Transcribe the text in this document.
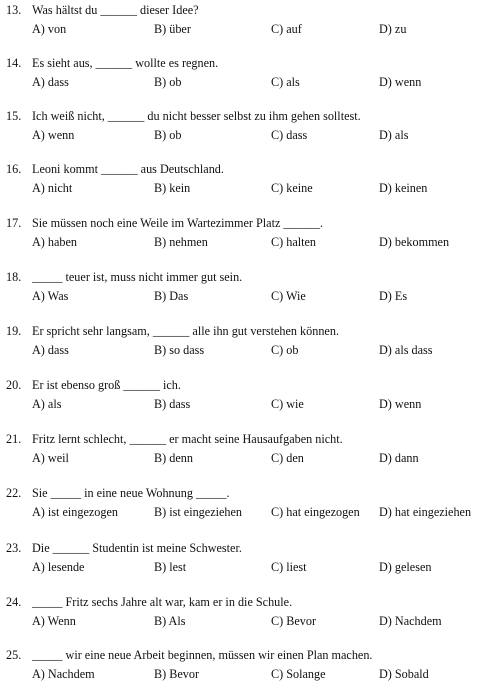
13. Was hältst du ______ dieser Idee?
A) von	B) über	C) auf	D) zu
14. Es sieht aus, ______ wollte es regnen.
A) dass	B) ob	C) als	D) wenn
15. Ich weiß nicht, ______ du nicht besser selbst zu ihm gehen solltest.
A) wenn	B) ob	C) dass	D) als
16. Leoni kommt ______ aus Deutschland.
A) nicht	B) kein	C) keine	D) keinen
17. Sie müssen noch eine Weile im Wartezimmer Platz ______.
A) haben	B) nehmen	C) halten	D) bekommen
18. _____ teuer ist, muss nicht immer gut sein.
A) Was	B) Das	C) Wie	D) Es
19. Er spricht sehr langsam, ______ alle ihn gut verstehen können.
A) dass	B) so dass	C) ob	D) als dass
20. Er ist ebenso groß ______ ich.
A) als	B) dass	C) wie	D) wenn
21. Fritz lernt schlecht, ______ er macht seine Hausaufgaben nicht.
A) weil	B) denn	C) den	D) dann
22. Sie _____ in eine neue Wohnung _____.
A) ist eingezogen	B) ist eingeziehen C) hat eingezogen D) hat eingeziehen
23. Die ______ Studentin ist meine Schwester.
A) lesende	B) lest	C) liest	D) gelesen
24. _____ Fritz sechs Jahre alt war, kam er in die Schule.
A) Wenn	B) Als	C) Bevor	D) Nachdem
25. _____ wir eine neue Arbeit beginnen, müssen wir einen Plan machen.
A) Nachdem	B) Bevor	C) Solange	D) Sobald
